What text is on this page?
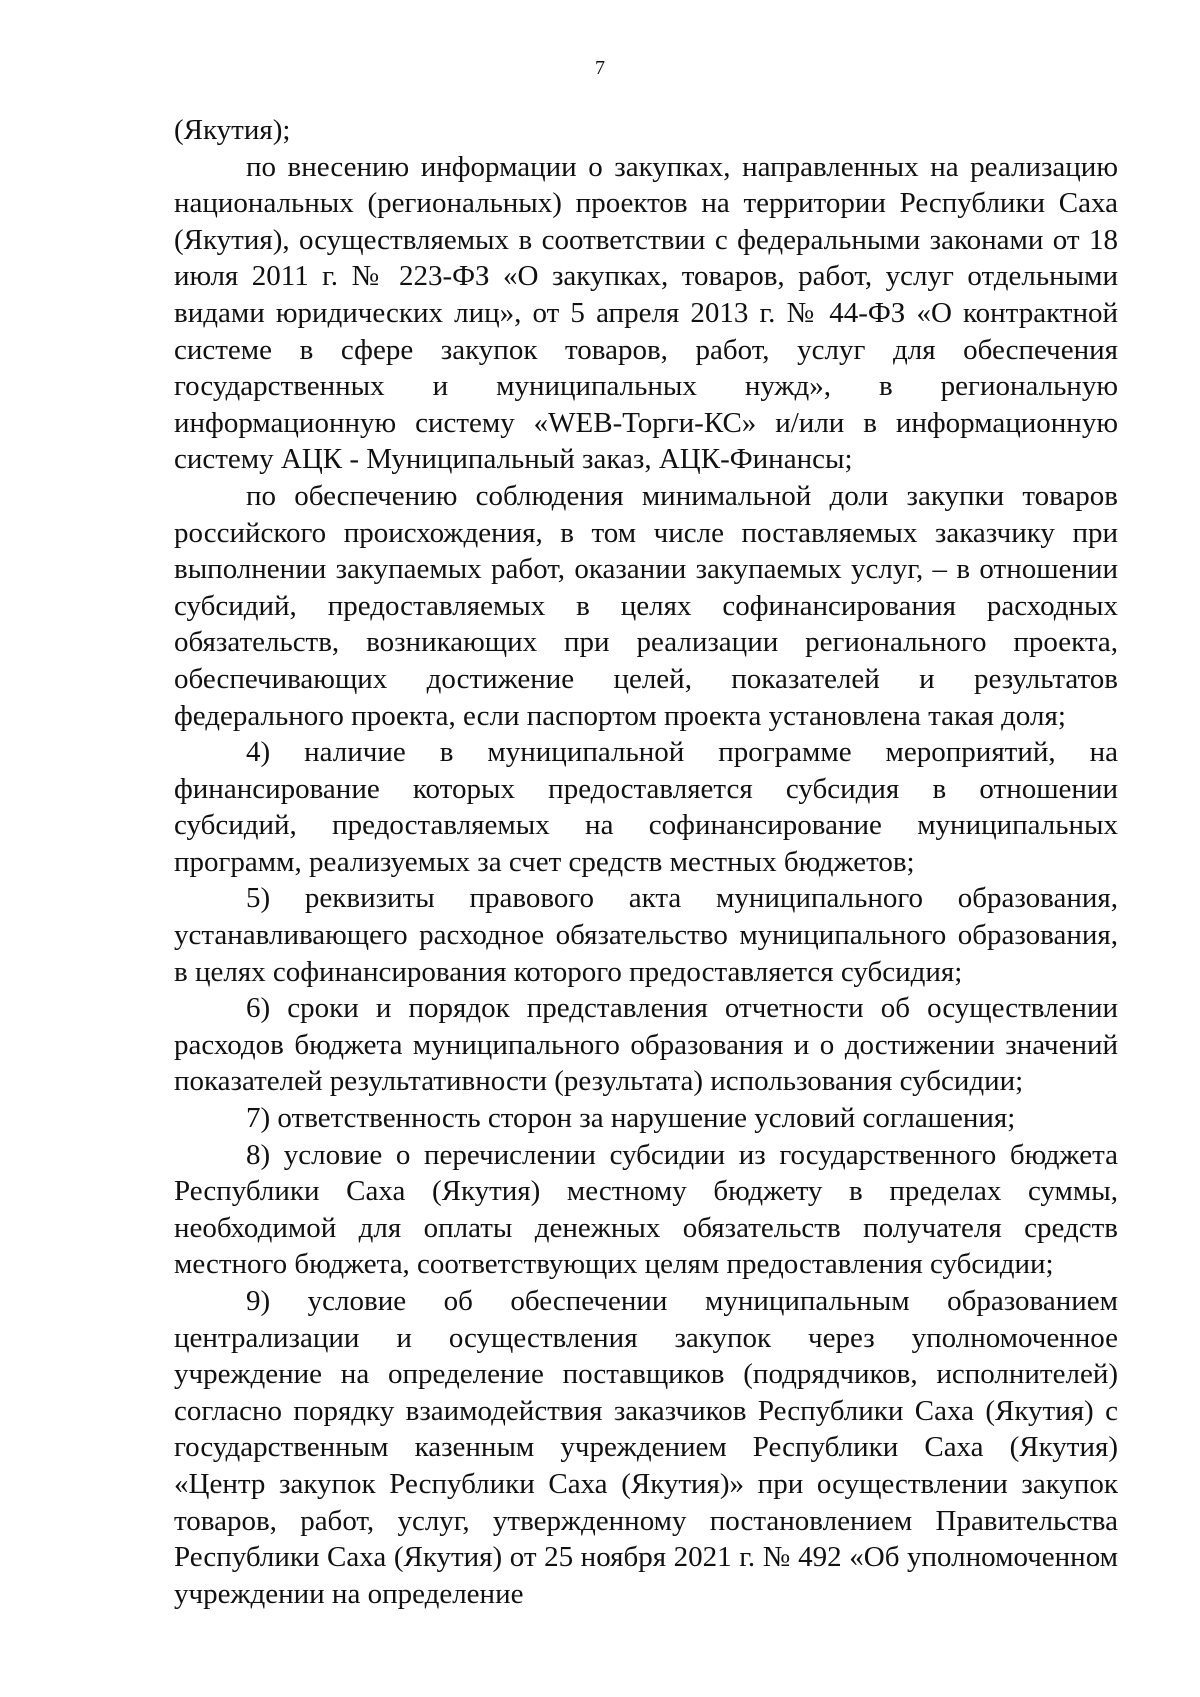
7

(Якутия);

по внесению информации о закупках, направленных на реализацию национальных (региональных) проектов на территории Республики Саха (Якутия), осуществляемых в соответствии с федеральными законами от 18 июля 2011 г. № 223-ФЗ «О закупках, товаров, работ, услуг отдельными видами юридических лиц», от 5 апреля 2013 г. № 44-ФЗ «О контрактной системе в сфере закупок товаров, работ, услуг для обеспечения государственных и муниципальных нужд», в региональную информационную систему «WEB-Торги-КС» и/или в информационную систему АЦК - Муниципальный заказ, АЦК-Финансы;

по обеспечению соблюдения минимальной доли закупки товаров российского происхождения, в том числе поставляемых заказчику при выполнении закупаемых работ, оказании закупаемых услуг, – в отношении субсидий, предоставляемых в целях софинансирования расходных обязательств, возникающих при реализации регионального проекта, обеспечивающих достижение целей, показателей и результатов федерального проекта, если паспортом проекта установлена такая доля;

4) наличие в муниципальной программе мероприятий, на финансирование которых предоставляется субсидия в отношении субсидий, предоставляемых на софинансирование муниципальных программ, реализуемых за счет средств местных бюджетов;

5) реквизиты правового акта муниципального образования, устанавливающего расходное обязательство муниципального образования, в целях софинансирования которого предоставляется субсидия;

6) сроки и порядок представления отчетности об осуществлении расходов бюджета муниципального образования и о достижении значений показателей результативности (результата) использования субсидии;

7) ответственность сторон за нарушение условий соглашения;

8) условие о перечислении субсидии из государственного бюджета Республики Саха (Якутия) местному бюджету в пределах суммы, необходимой для оплаты денежных обязательств получателя средств местного бюджета, соответствующих целям предоставления субсидии;

9) условие об обеспечении муниципальным образованием централизации и осуществления закупок через уполномоченное учреждение на определение поставщиков (подрядчиков, исполнителей) согласно порядку взаимодействия заказчиков Республики Саха (Якутия) с государственным казенным учреждением Республики Саха (Якутия) «Центр закупок Республики Саха (Якутия)» при осуществлении закупок товаров, работ, услуг, утвержденному постановлением Правительства Республики Саха (Якутия) от 25 ноября 2021 г. № 492 «Об уполномоченном учреждении на определение
